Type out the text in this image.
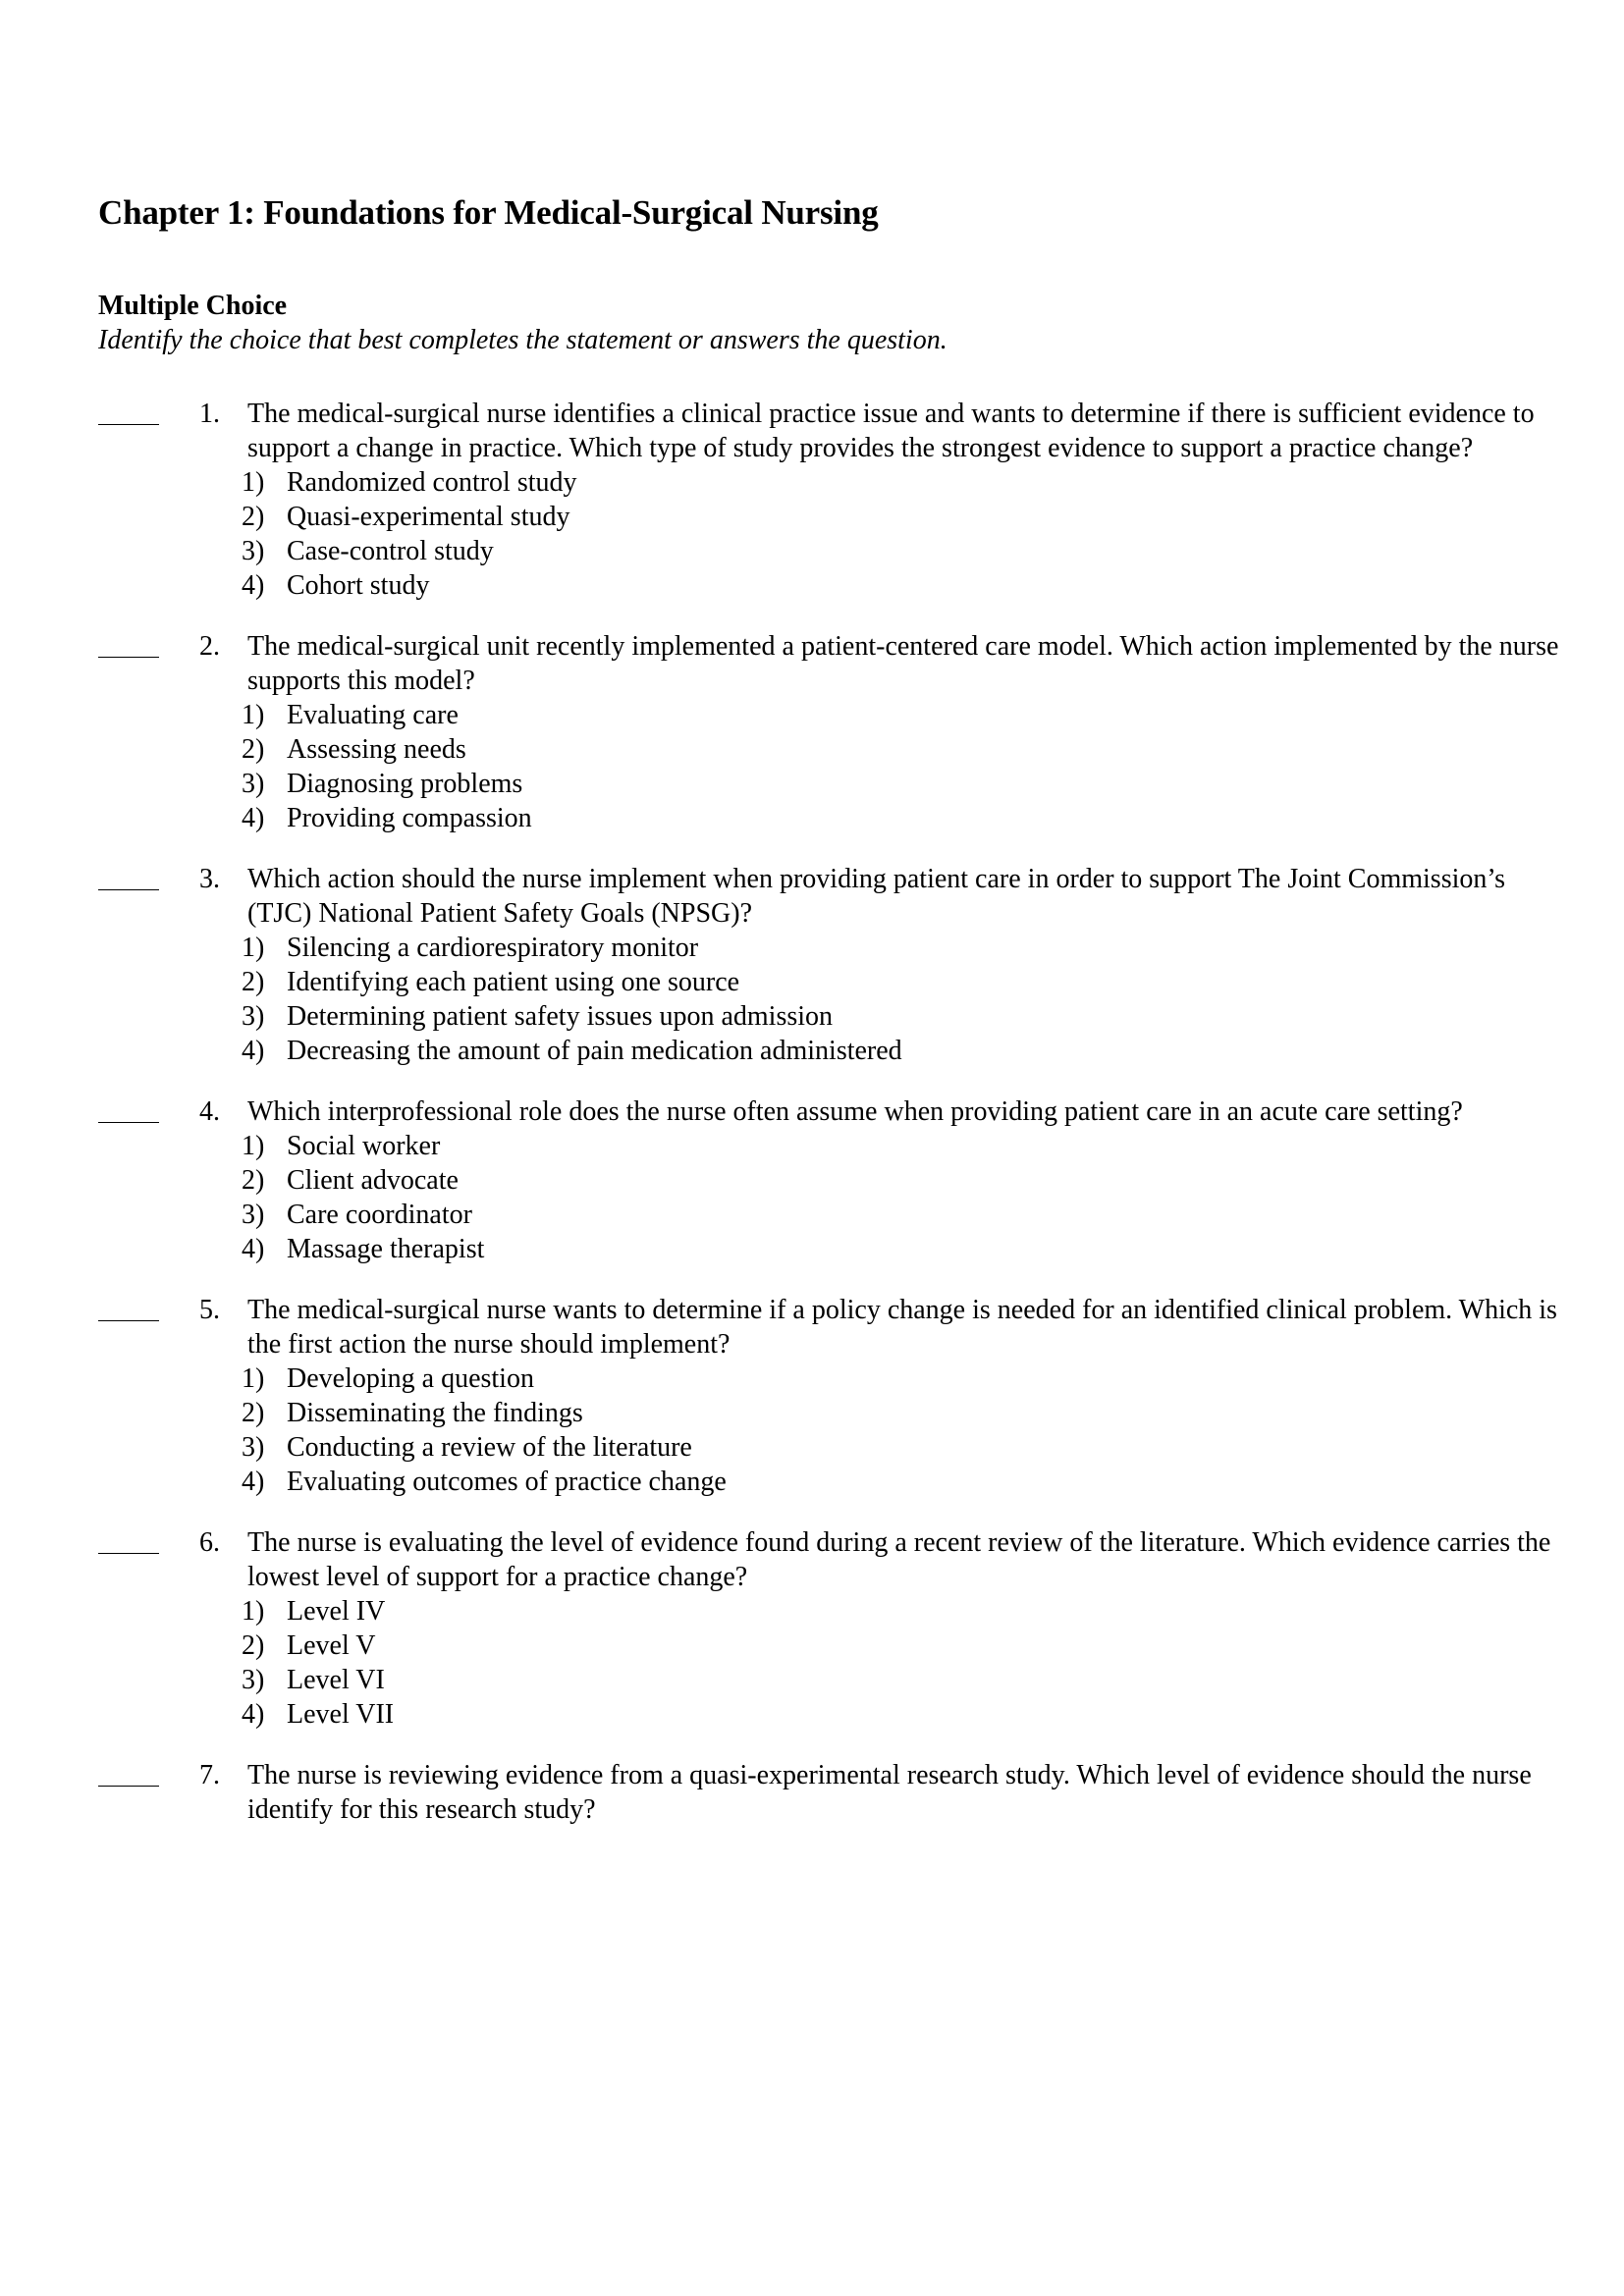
Chapter 1: Foundations for Medical-Surgical Nursing
Multiple Choice

Identify the choice that best completes the statement or answers the question.

1. The medical-surgical nurse identifies a clinical practice issue and wants to determine if there is sufficient evidence to support a change in practice. Which type of study provides the strongest evidence to support a practice change?

1) Randomized control study
2) Quasi-experimental study
3) Case-control study
4) Cohort study
2. The medical-surgical unit recently implemented a patient-centered care model. Which action implemented by the nurse supports this model?

1) Evaluating care
2) Assessing needs
3) Diagnosing problems
4) Providing compassion
3. Which action should the nurse implement when providing patient care in order to support The Joint Commission’s (TJC) National Patient Safety Goals (NPSG)?

1) Silencing a cardiorespiratory monitor
2) Identifying each patient using one source
3) Determining patient safety issues upon admission
4) Decreasing the amount of pain medication administered
4. Which interprofessional role does the nurse often assume when providing patient care in an acute care setting?

1) Social worker
2) Client advocate
3) Care coordinator
4) Massage therapist
5. The medical-surgical nurse wants to determine if a policy change is needed for an identified clinical problem. Which is the first action the nurse should implement?

1) Developing a question
2) Disseminating the findings
3) Conducting a review of the literature
4) Evaluating outcomes of practice change
6. The nurse is evaluating the level of evidence found during a recent review of the literature. Which evidence carries the lowest level of support for a practice change?

1) Level IV
2) Level V
3) Level VI
4) Level VII
7. The nurse is reviewing evidence from a quasi-experimental research study. Which level of evidence should the nurse identify for this research study?
